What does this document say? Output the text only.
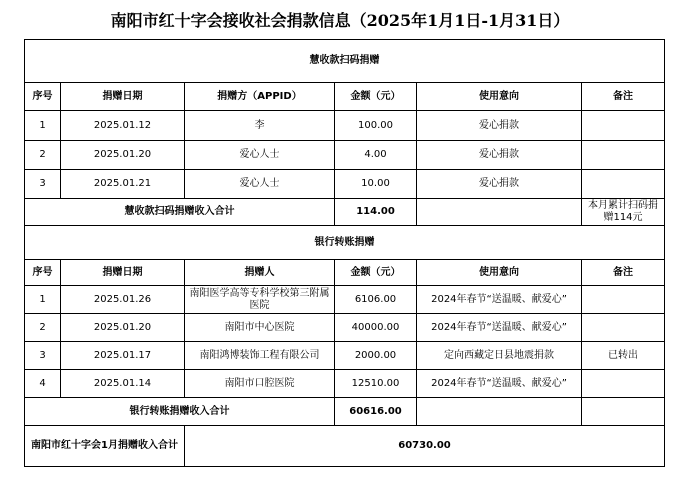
南阳市红十字会接收社会捐款信息（2025年1月1日-1月31日）
慧收款扫码捐赠					
序号	捐赠日期	捐赠方（APPID）	金额（元）	使用意向	备注
1	2025.01.12	李	100.00	爱心捐款	
2	2025.01.20	爱心人士	4.00	爱心捐款	
3	2025.01.21	爱心人士	10.00	爱心捐款	
慧收款扫码捐赠收入合计			114.00		本月累计扫码捐赠114元
银行转账捐赠					
序号	捐赠日期	捐赠人	金额（元）	使用意向	备注
1	2025.01.26	南阳医学高等专科学校第三附属医院	6106.00	2024年春节“送温暖、献爱心”	
2	2025.01.20	南阳市中心医院	40000.00	2024年春节“送温暖、献爱心”	
3	2025.01.17	南阳鸿博装饰工程有限公司	2000.00	定向西藏定日县地震捐款	已转出
4	2025.01.14	南阳市口腔医院	12510.00	2024年春节“送温暖、献爱心”	
银行转账捐赠收入合计			60616.00		
南阳市红十字会1月捐赠收入合计		60730.00			
